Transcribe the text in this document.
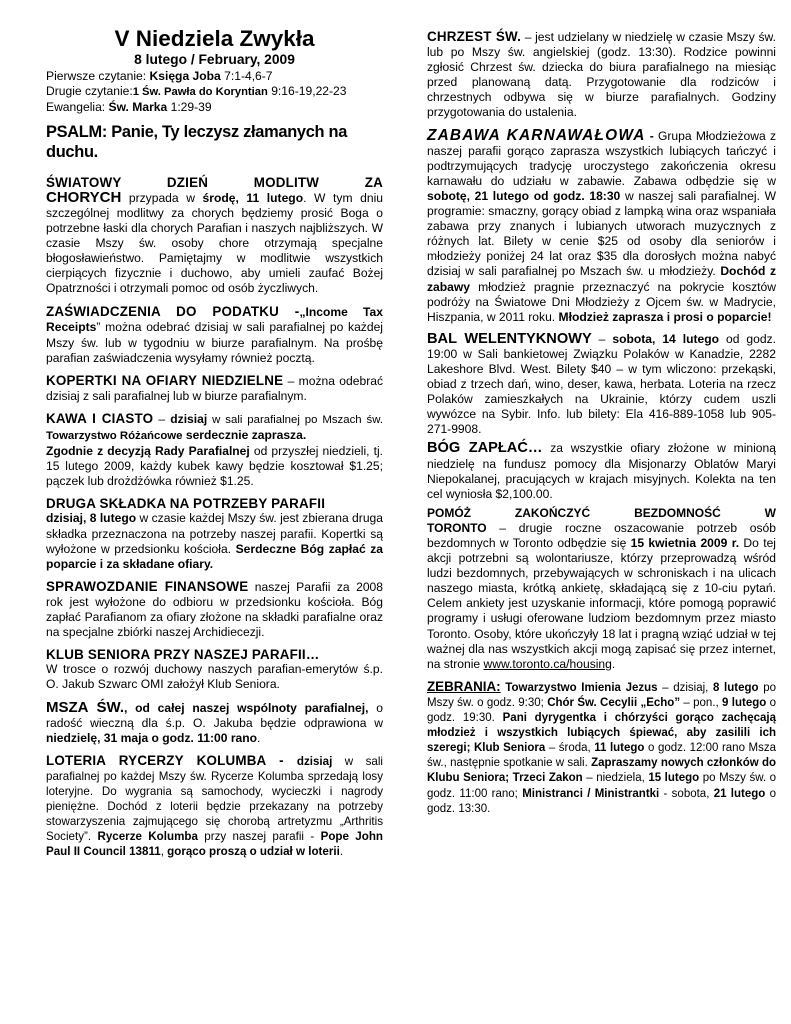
V Niedziela Zwykła

8 lutego / February, 2009

Pierwsze czytanie: Księga Joba 7:1-4,6-7

Drugie czytanie:1 Św. Pawła do Koryntian 9:16-19,22-23

Ewangelia: Św. Marka 1:29-39

PSALM: Panie, Ty leczysz złamanych na duchu.

ŚWIATOWY DZIEŃ MODLITW ZA

CHORYCH przypada w środę, 11 lutego. W tym dniu szczególnej modlitwy za chorych będziemy prosić Boga o potrzebne łaski dla chorych Parafian i naszych najbliższych. W czasie Mszy św. osoby chore otrzymają specjalne błogosławieństwo. Pamiętajmy w modlitwie wszystkich cierpiących fizycznie i duchowo, aby umieli zaufać Bożej Opatrzności i otrzymali pomoc od osób życzliwych.

ZAŚWIADCZENIA DO PODATKU -„Income Tax Receipts” można odebrać dzisiaj w sali parafialnej po każdej Mszy św. lub w tygodniu w biurze parafialnym. Na prośbę parafian zaświadczenia wysyłamy również pocztą.

KOPERTKI NA OFIARY NIEDZIELNE – można odebrać dzisiaj z sali parafialnej lub w biurze parafialnym.

KAWA I CIASTO – dzisiaj w sali parafialnej po Mszach św. Towarzystwo Różańcowe serdecznie zaprasza.

Zgodnie z decyzją Rady Parafialnej od przyszłej niedzieli, tj. 15 lutego 2009, każdy kubek kawy będzie kosztował $1.25; pączek lub drożdżówka również $1.25.

DRUGA SKŁADKA NA POTRZEBY PARAFII

dzisiaj, 8 lutego w czasie każdej Mszy św. jest zbierana druga składka przeznaczona na potrzeby naszej parafii. Kopertki są wyłożone w przedsionku kościoła. Serdeczne Bóg zapłać za poparcie i za składane ofiary.

SPRAWOZDANIE FINANSOWE naszej Parafii za 2008 rok jest wyłożone do odbioru w przedsionku kościoła. Bóg zapłać Parafianom za ofiary złożone na składki parafialne oraz na specjalne zbiórki naszej Archidiecezji.

KLUB SENIORA PRZY NASZEJ PARAFII…

W trosce o rozwój duchowy naszych parafian-emerytów ś.p. O. Jakub Szwarc OMI założył Klub Seniora.

MSZA ŚW., od całej naszej wspólnoty parafialnej, o radość wieczną dla ś.p. O. Jakuba będzie odprawiona w niedzielę, 31 maja o godz. 11:00 rano.

LOTERIA RYCERZY KOLUMBA - dzisiaj w sali parafialnej po każdej Mszy św. Rycerze Kolumba sprzedają losy loteryjne. Do wygrania są samochody, wycieczki i nagrody pieniężne. Dochód z loterii będzie przekazany na potrzeby stowarzyszenia zajmującego się chorobą artretyzmu „Arthritis Society”. Rycerze Kolumba przy naszej parafii - Pope John Paul II Council 13811, gorąco proszą o udział w loterii.

CHRZEST ŚW. – jest udzielany w niedzielę w czasie Mszy św. lub po Mszy św. angielskiej (godz. 13:30). Rodzice powinni zgłosić Chrzest św. dziecka do biura parafialnego na miesiąc przed planowaną datą. Przygotowanie dla rodziców i chrzestnych odbywa się w biurze parafialnych. Godziny przygotowania do ustalenia.

ZABAWA KARNAWAŁOWA - Grupa Młodzieżowa z naszej parafii gorąco zaprasza wszystkich lubiących tańczyć i podtrzymujących tradycję uroczystego zakończenia okresu karnawału do udziału w zabawie. Zabawa odbędzie się w sobotę, 21 lutego od godz. 18:30 w naszej sali parafialnej. W programie: smaczny, gorący obiad z lampką wina oraz wspaniała zabawa przy znanych i lubianych utworach muzycznych z różnych lat. Bilety w cenie $25 od osoby dla seniorów i młodzieży poniżej 24 lat oraz $35 dla dorosłych można nabyć dzisiaj w sali parafialnej po Mszach św. u młodzieży. Dochód z zabawy młodzież pragnie przeznaczyć na pokrycie kosztów podróży na Światowe Dni Młodzieży z Ojcem św. w Madrycie, Hiszpania, w 2011 roku. Młodzież zaprasza i prosi o poparcie!

BAL WELENTYKNOWY – sobota, 14 lutego od godz. 19:00 w Sali bankietowej Związku Polaków w Kanadzie, 2282 Lakeshore Blvd. West. Bilety $40 – w tym wliczono: przekąski, obiad z trzech dań, wino, deser, kawa, herbata. Loteria na rzecz Polaków zamieszkałych na Ukrainie, którzy cudem uszli wywózce na Sybir. Info. lub bilety: Ela 416-889-1058 lub 905-271-9908.

BÓG ZAPŁAĆ… za wszystkie ofiary złożone w minioną niedzielę na fundusz pomocy dla Misjonarzy Oblatów Maryi Niepokalanej, pracujących w krajach misyjnych. Kolekta na ten cel wyniosła $2,100.00.

POMÓŻ ZAKOŃCZYĆ BEZDOMNOŚĆ W

TORONTO – drugie roczne oszacowanie potrzeb osób bezdomnych w Toronto odbędzie się 15 kwietnia 2009 r. Do tej akcji potrzebni są wolontariusze, którzy przeprowadzą wśród ludzi bezdomnych, przebywających w schroniskach i na ulicach naszego miasta, krótką ankietę, składającą się z 10-ciu pytań. Celem ankiety jest uzyskanie informacji, które pomogą poprawić programy i usługi oferowane ludziom bezdomnym przez miasto Toronto. Osoby, które ukończyły 18 lat i pragną wziąć udział w tej ważnej dla nas wszystkich akcji mogą zapisać się przez internet, na stronie www.toronto.ca/housing.

ZEBRANIA: Towarzystwo Imienia Jezus – dzisiaj, 8 lutego po Mszy św. o godz. 9:30; Chór Św. Cecylii „Echo” – pon., 9 lutego o godz. 19:30. Pani dyrygentka i chórzyści gorąco zachęcają młodzież i wszystkich lubiących śpiewać, aby zasilili ich szeregi; Klub Seniora – środa, 11 lutego o godz. 12:00 rano Msza św., następnie spotkanie w sali. Zapraszamy nowych członków do Klubu Seniora; Trzeci Zakon – niedziela, 15 lutego po Mszy św. o godz. 11:00 rano; Ministranci / Ministrantki - sobota, 21 lutego o godz. 13:30.
